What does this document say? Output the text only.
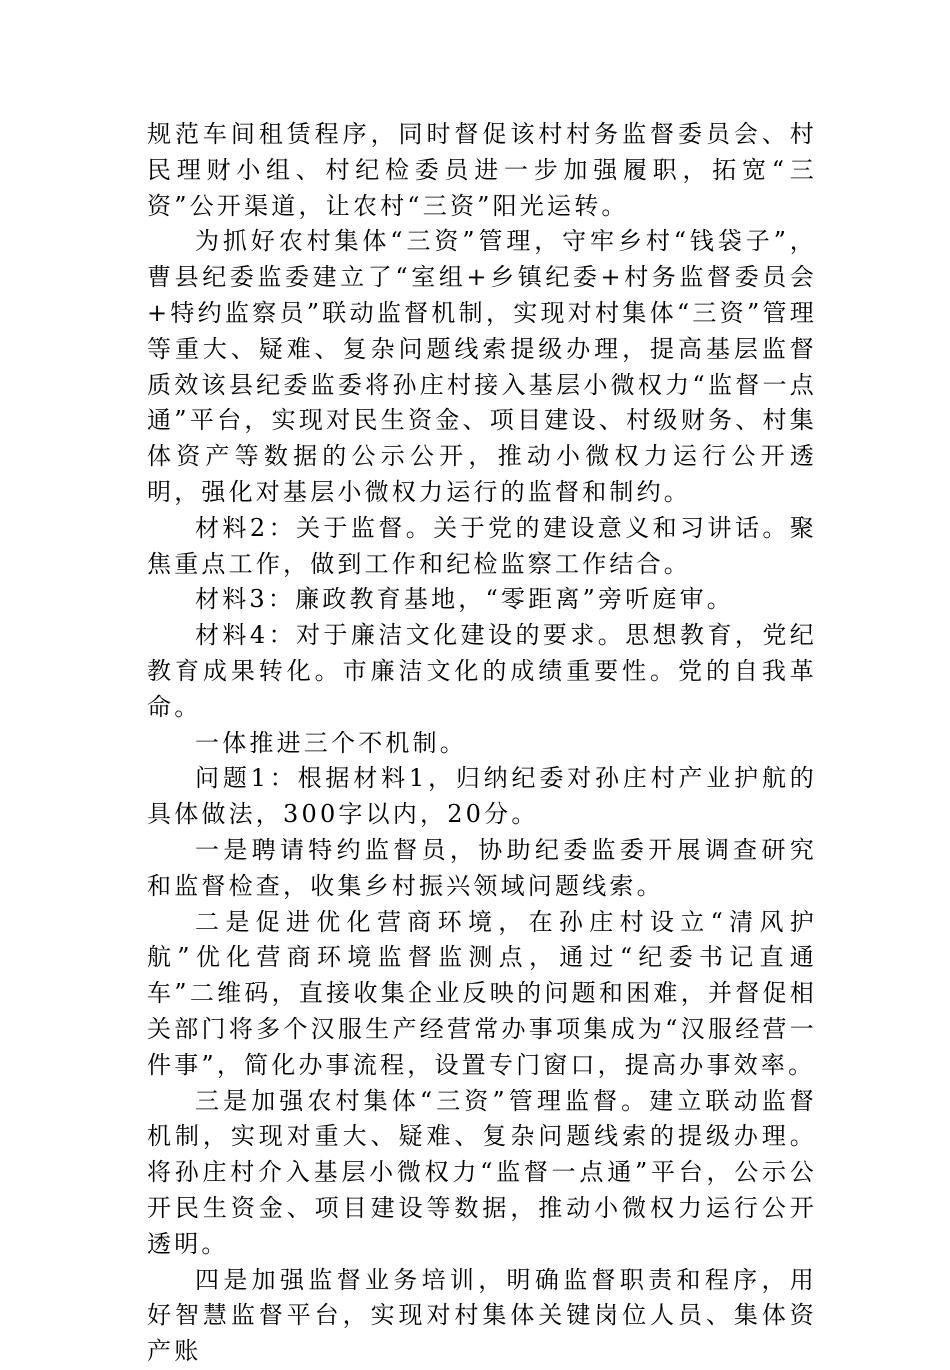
规范车间租赁程序，同时督促该村村务监督委员会、村民理财小组、村纪检委员进一步加强履职，拓宽“三资”公开渠道，让农村“三资”阳光运转。

为抓好农村集体“三资”管理，守牢乡村“钱袋子”，曹县纪委监委建立了“室组+乡镇纪委+村务监督委员会+特约监察员”联动监督机制，实现对村集体“三资”管理等重大、疑难、复杂问题线索提级办理，提高基层监督质效该县纪委监委将孙庄村接入基层小微权力“监督一点通”平台，实现对民生资金、项目建设、村级财务、村集体资产等数据的公示公开，推动小微权力运行公开透明，强化对基层小微权力运行的监督和制约。

材料2：关于监督。关于党的建设意义和习讲话。聚焦重点工作，做到工作和纪检监察工作结合。

材料3：廉政教育基地，“零距离”旁听庭审。

材料4：对于廉洁文化建设的要求。思想教育，党纪教育成果转化。市廉洁文化的成绩重要性。党的自我革命。

一体推进三个不机制。

问题1：根据材料1，归纳纪委对孙庄村产业护航的具体做法，300字以内，20分。

一是聘请特约监督员，协助纪委监委开展调查研究和监督检查，收集乡村振兴领域问题线索。

二是促进优化营商环境，在孙庄村设立“清风护航”优化营商环境监督监测点，通过“纪委书记直通车”二维码，直接收集企业反映的问题和困难，并督促相关部门将多个汉服生产经营常办事项集成为“汉服经营一件事”，简化办事流程，设置专门窗口，提高办事效率。

三是加强农村集体“三资”管理监督。建立联动监督机制，实现对重大、疑难、复杂问题线索的提级办理。将孙庄村介入基层小微权力“监督一点通”平台，公示公开民生资金、项目建设等数据，推动小微权力运行公开透明。

四是加强监督业务培训，明确监督职责和程序，用好智慧监督平台，实现对村集体关键岗位人员、集体资产账
